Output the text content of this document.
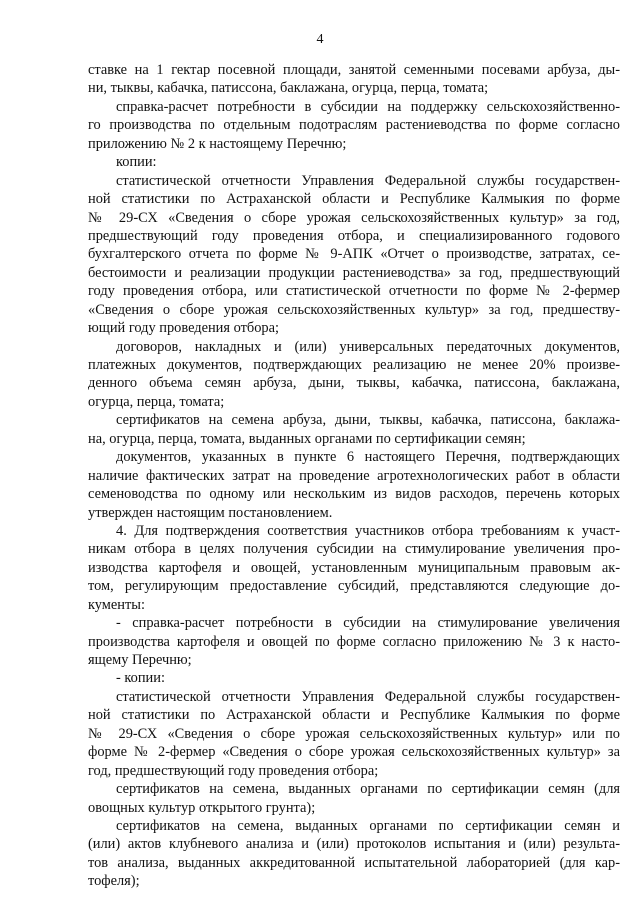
4
ставке на 1 гектар посевной площади, занятой семенными посевами арбуза, ды-
ни, тыквы, кабачка, патиссона, баклажана, огурца, перца, томата;
справка-расчет потребности в субсидии на поддержку сельскохозяйственно-
го производства по отдельным подотраслям растениеводства по форме согласно
приложению № 2 к настоящему Перечню;
копии:
статистической отчетности Управления Федеральной службы государствен-
ной статистики по Астраханской области и Республике Калмыкия по форме
№ 29-СХ «Сведения о сборе урожая сельскохозяйственных культур» за год,
предшествующий году проведения отбора, и специализированного годового
бухгалтерского отчета по форме № 9-АПК «Отчет о производстве, затратах, се-
бестоимости и реализации продукции растениеводства» за год, предшествующий
году проведения отбора, или статистической отчетности по форме № 2-фермер
«Сведения о сборе урожая сельскохозяйственных культур» за год, предшеству-
ющий году проведения отбора;
договоров, накладных и (или) универсальных передаточных документов,
платежных документов, подтверждающих реализацию не менее 20% произве-
денного объема семян арбуза, дыни, тыквы, кабачка, патиссона, баклажана,
огурца, перца, томата;
сертификатов на семена арбуза, дыни, тыквы, кабачка, патиссона, баклажа-
на, огурца, перца, томата, выданных органами по сертификации семян;
документов, указанных в пункте 6 настоящего Перечня, подтверждающих
наличие фактических затрат на проведение агротехнологических работ в области
семеноводства по одному или нескольким из видов расходов, перечень которых
утвержден настоящим постановлением.
4. Для подтверждения соответствия участников отбора требованиям к участ-
никам отбора в целях получения субсидии на стимулирование увеличения про-
изводства картофеля и овощей, установленным муниципальным правовым ак-
том, регулирующим предоставление субсидий, представляются следующие до-
кументы:
- справка-расчет потребности в субсидии на стимулирование увеличения
производства картофеля и овощей по форме согласно приложению № 3 к насто-
ящему Перечню;
- копии:
статистической отчетности Управления Федеральной службы государствен-
ной статистики по Астраханской области и Республике Калмыкия по форме
№ 29-СХ «Сведения о сборе урожая сельскохозяйственных культур» или по
форме № 2-фермер «Сведения о сборе урожая сельскохозяйственных культур» за
год, предшествующий году проведения отбора;
сертификатов на семена, выданных органами по сертификации семян (для
овощных культур открытого грунта);
сертификатов на семена, выданных органами по сертификации семян и
(или) актов клубневого анализа и (или) протоколов испытания и (или) результа-
тов анализа, выданных аккредитованной испытательной лабораторией (для кар-
тофеля);
